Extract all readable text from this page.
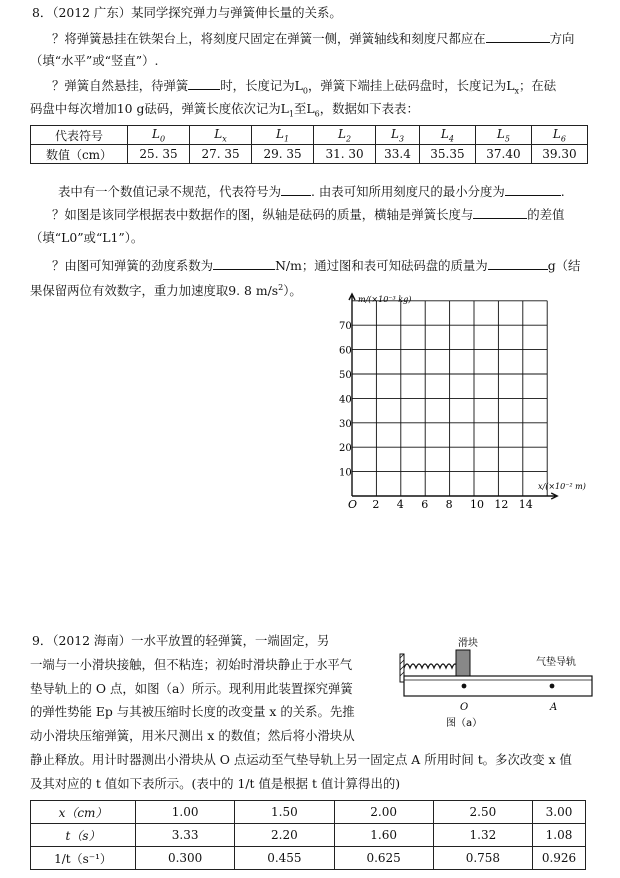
8．（2012 广东）某同学探究弹力与弹簧伸长量的关系。
？将弹簧悬挂在铁架台上，将刻度尺固定在弹簧一侧，弹簧轴线和刻度尺都应在	方向
（填“水平”或“竖直”）.
？弹簧自然悬挂，待弹簧	时，长度记为$L_0$，弹簧下端挂上砝码盘时，长度记为$L_x$；在砝
码盘中每次增加10 g砝码，弹簧长度依次记为$L_1$至$L_6$，数据如下表表：
代表符号	$L_0$	$L_x$	$L_1$	$L_2$	$L_3$	$L_4$	$L_5$	$L_6$
数值（cm）	25. 35	27. 35	29. 35	31. 30	33.4	35.35	37.40	39.30
表中有一个数值记录不规范，代表符号为 . 由表可知所用刻度尺的最小分度为	.
？如图是该同学根据表中数据作的图，纵轴是砝码的质量，横轴是弹簧长度与	的差值
（填“L0”或“L1”）。
？由图可知弹簧的劲度系数为	N/m；通过图和表可知砝码盘的质量为	g（结
果保留两位有效数字，重力加速度取9. 8 $m/s^2$）。
2 4 6 8 10 12 14
10
20
30
40
50
60
70
m/(×10⁻³ kg)
x/(×10⁻² m)
O
9．（2012 海南）一水平放置的轻弹簧，一端固定，另
一端与一小滑块接触，但不粘连；初始时滑块静止于水平气
垫导轨上的 O 点，如图（a）所示。现利用此装置探究弹簧
的弹性势能 Ep 与其被压缩时长度的改变量 x 的关系。先推
动小滑块压缩弹簧，用米尺测出 x 的数值；然后将小滑块从
静止释放。用计时器测出小滑块从 O 点运动至气垫导轨上另一固定点 A 所用时间 t。多次改变 x 值
及其对应的 t 值如下表所示。(表中的 1/t 值是根据 t 值计算得出的)
滑块
气垫导轨
O	A
图（a）
x（cm）	1.00	1.50	2.00	2.50	3.00
t（s）	3.33	2.20	1.60	1.32	1.08
1/t（s⁻¹）	0.300	0.455	0.625	0.758	0.926
